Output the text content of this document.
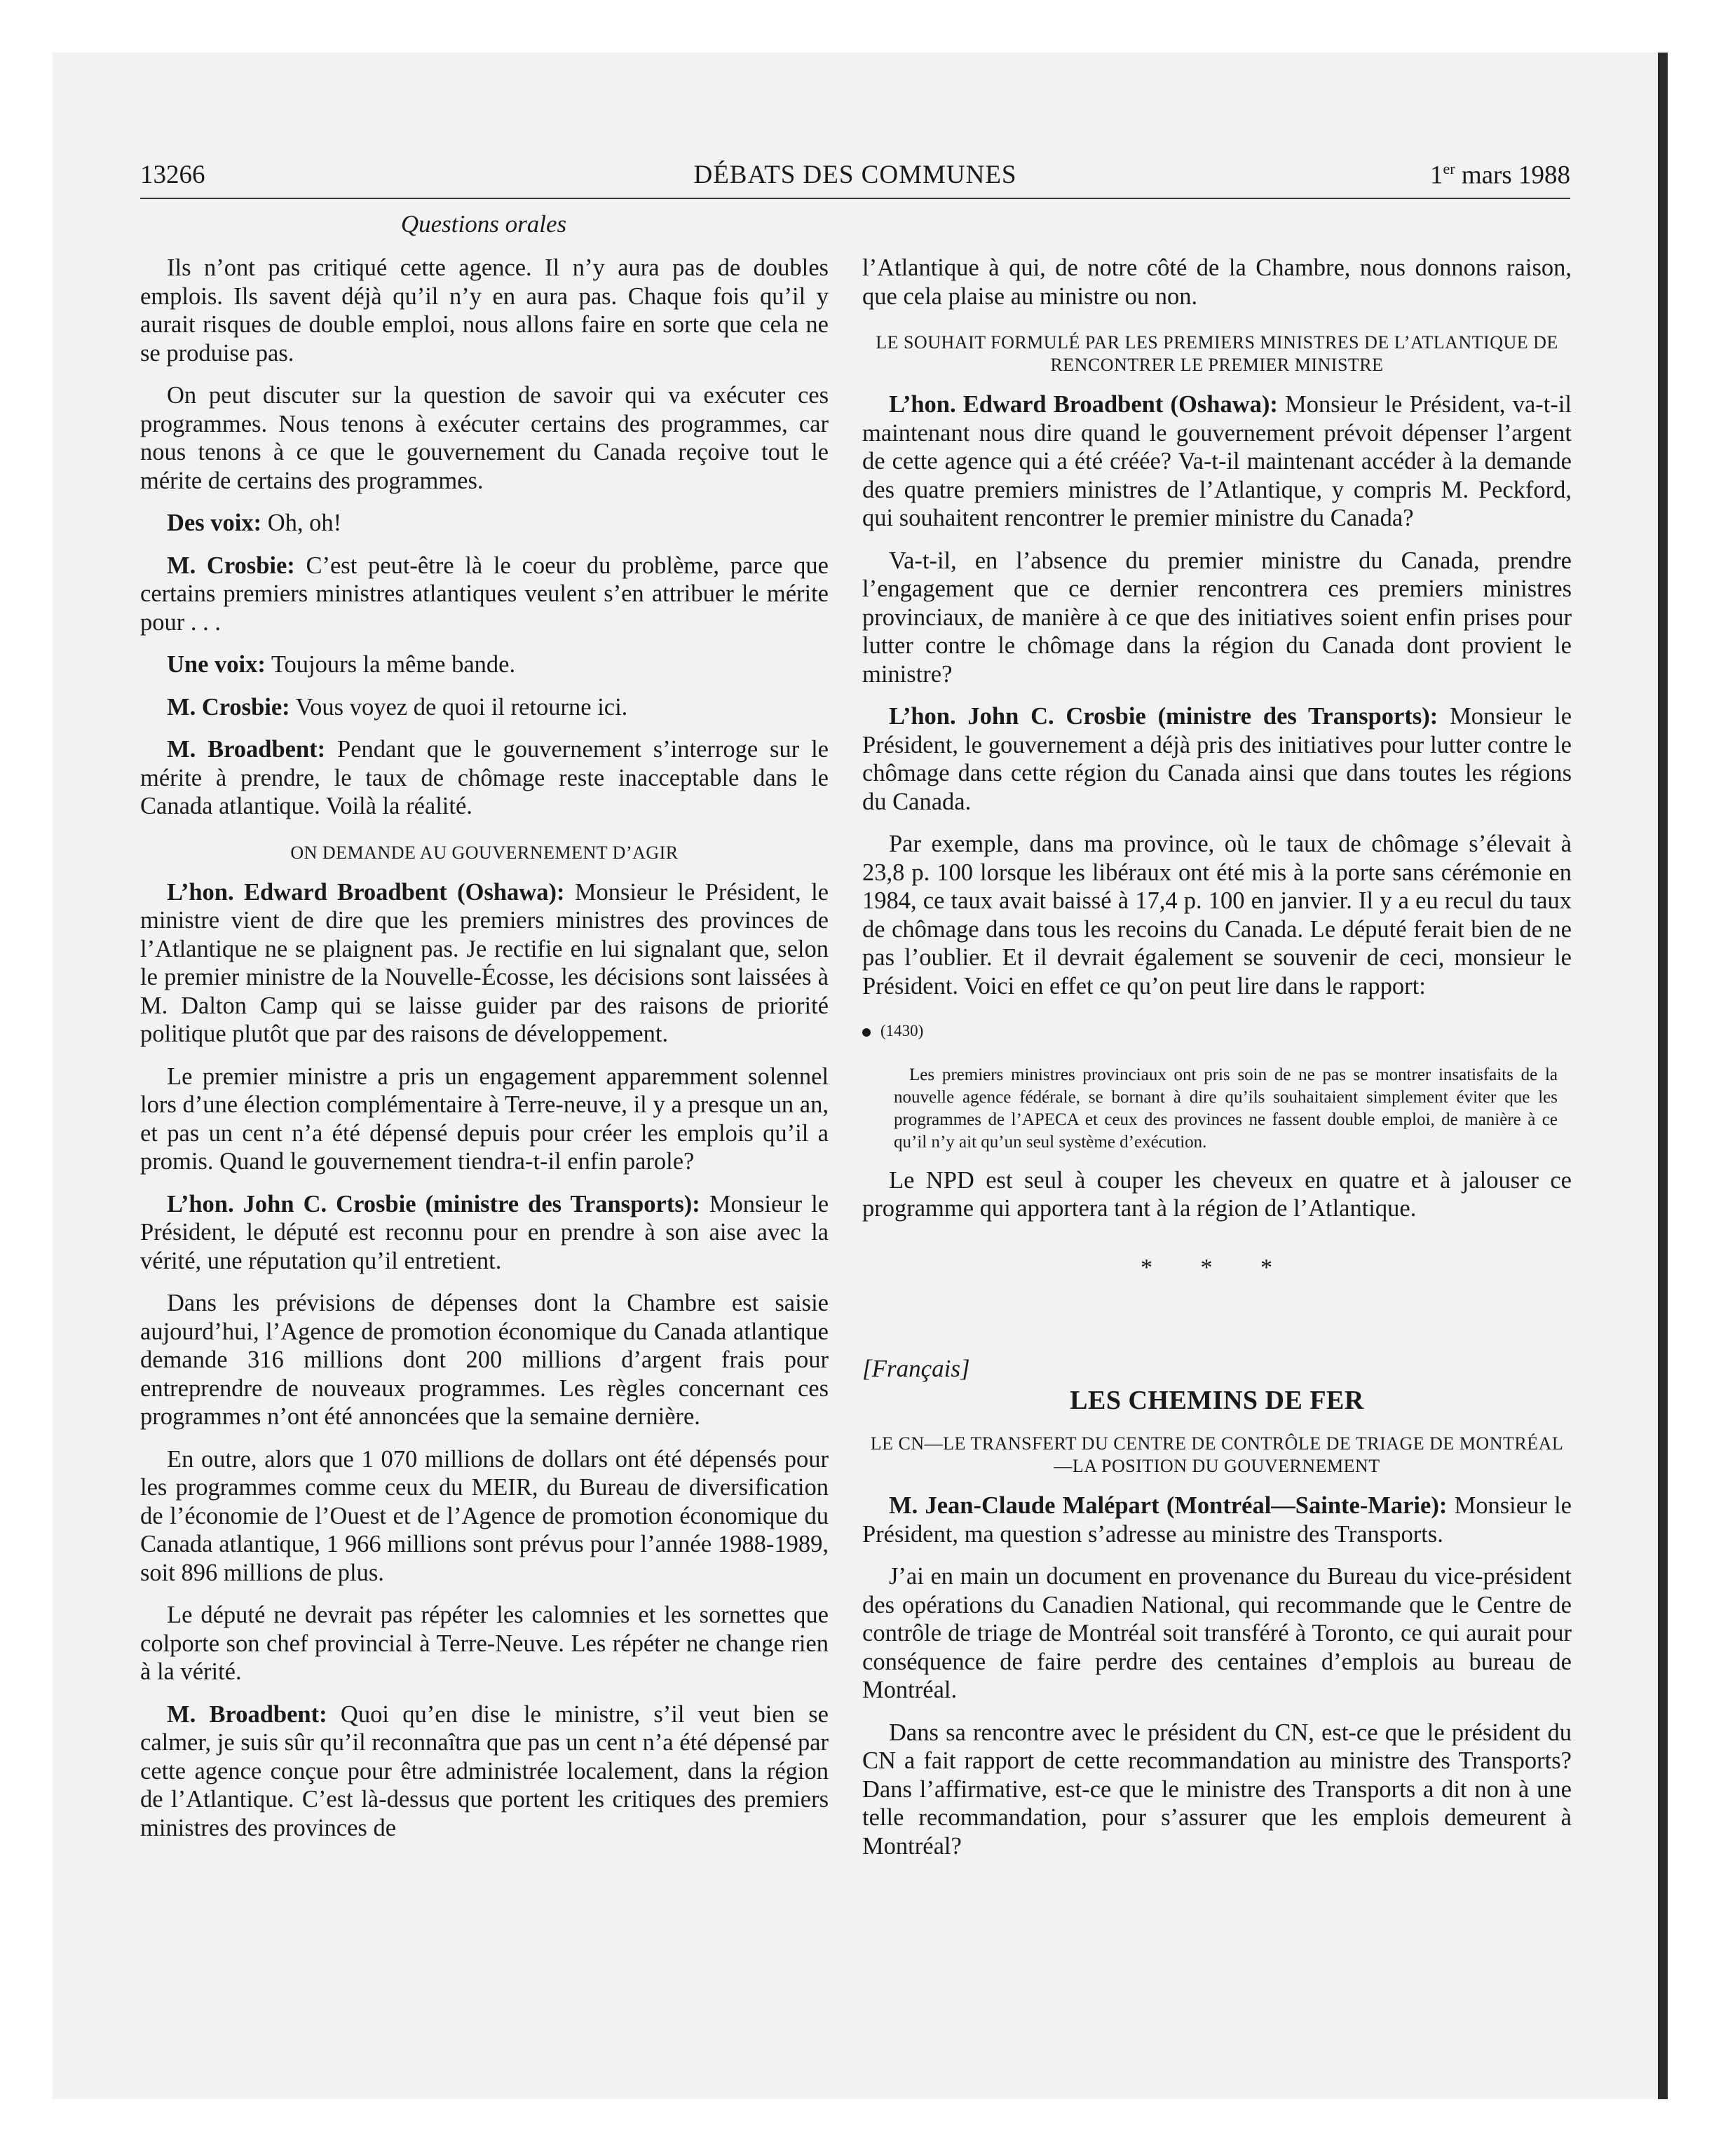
13266	DÉBATS DES COMMUNES	1er mars 1988
Questions orales

Ils n’ont pas critiqué cette agence. Il n’y aura pas de doubles emplois. Ils savent déjà qu’il n’y en aura pas. Chaque fois qu’il y aurait risques de double emploi, nous allons faire en sorte que cela ne se produise pas.

On peut discuter sur la question de savoir qui va exécuter ces programmes. Nous tenons à exécuter certains des programmes, car nous tenons à ce que le gouvernement du Canada reçoive tout le mérite de certains des programmes.

Des voix: Oh, oh!

M. Crosbie: C’est peut-être là le coeur du problème, parce que certains premiers ministres atlantiques veulent s’en attribuer le mérite pour . . .

Une voix: Toujours la même bande.

M. Crosbie: Vous voyez de quoi il retourne ici.

M. Broadbent: Pendant que le gouvernement s’interroge sur le mérite à prendre, le taux de chômage reste inacceptable dans le Canada atlantique. Voilà la réalité.

ON DEMANDE AU GOUVERNEMENT D’AGIR

L’hon. Edward Broadbent (Oshawa): Monsieur le Président, le ministre vient de dire que les premiers ministres des provinces de l’Atlantique ne se plaignent pas. Je rectifie en lui signalant que, selon le premier ministre de la Nouvelle-Écosse, les décisions sont laissées à M. Dalton Camp qui se laisse guider par des raisons de priorité politique plutôt que par des raisons de développement.

Le premier ministre a pris un engagement apparemment solennel lors d’une élection complémentaire à Terre-neuve, il y a presque un an, et pas un cent n’a été dépensé depuis pour créer les emplois qu’il a promis. Quand le gouvernement tiendra-t-il enfin parole?

L’hon. John C. Crosbie (ministre des Transports): Monsieur le Président, le député est reconnu pour en prendre à son aise avec la vérité, une réputation qu’il entretient.

Dans les prévisions de dépenses dont la Chambre est saisie aujourd’hui, l’Agence de promotion économique du Canada atlantique demande 316 millions dont 200 millions d’argent frais pour entreprendre de nouveaux programmes. Les règles concernant ces programmes n’ont été annoncées que la semaine dernière.

En outre, alors que 1 070 millions de dollars ont été dépensés pour les programmes comme ceux du MEIR, du Bureau de diversification de l’économie de l’Ouest et de l’Agence de promotion économique du Canada atlantique, 1 966 millions sont prévus pour l’année 1988-1989, soit 896 millions de plus.

Le député ne devrait pas répéter les calomnies et les sornettes que colporte son chef provincial à Terre-Neuve. Les répéter ne change rien à la vérité.

M. Broadbent: Quoi qu’en dise le ministre, s’il veut bien se calmer, je suis sûr qu’il reconnaîtra que pas un cent n’a été dépensé par cette agence conçue pour être administrée localement, dans la région de l’Atlantique. C’est là-dessus que portent les critiques des premiers ministres des provinces de

l’Atlantique à qui, de notre côté de la Chambre, nous donnons raison, que cela plaise au ministre ou non.

LE SOUHAIT FORMULÉ PAR LES PREMIERS MINISTRES DE L’ATLANTIQUE DE RENCONTRER LE PREMIER MINISTRE

L’hon. Edward Broadbent (Oshawa): Monsieur le Président, va-t-il maintenant nous dire quand le gouvernement prévoit dépenser l’argent de cette agence qui a été créée? Va-t-il maintenant accéder à la demande des quatre premiers ministres de l’Atlantique, y compris M. Peckford, qui souhaitent rencontrer le premier ministre du Canada?

Va-t-il, en l’absence du premier ministre du Canada, prendre l’engagement que ce dernier rencontrera ces premiers ministres provinciaux, de manière à ce que des initiatives soient enfin prises pour lutter contre le chômage dans la région du Canada dont provient le ministre?

L’hon. John C. Crosbie (ministre des Transports): Monsieur le Président, le gouvernement a déjà pris des initiatives pour lutter contre le chômage dans cette région du Canada ainsi que dans toutes les régions du Canada.

Par exemple, dans ma province, où le taux de chômage s’élevait à 23,8 p. 100 lorsque les libéraux ont été mis à la porte sans cérémonie en 1984, ce taux avait baissé à 17,4 p. 100 en janvier. Il y a eu recul du taux de chômage dans tous les recoins du Canada. Le député ferait bien de ne pas l’oublier. Et il devrait également se souvenir de ceci, monsieur le Président. Voici en effet ce qu’on peut lire dans le rapport:

(1430)
Les premiers ministres provinciaux ont pris soin de ne pas se montrer insatisfaits de la nouvelle agence fédérale, se bornant à dire qu’ils souhaitaient simplement éviter que les programmes de l’APECA et ceux des provinces ne fassent double emploi, de manière à ce qu’il n’y ait qu’un seul système d’exécution.

Le NPD est seul à couper les cheveux en quatre et à jalouser ce programme qui apportera tant à la région de l’Atlantique.

* * *
[Français]
LES CHEMINS DE FER
LE CN—LE TRANSFERT DU CENTRE DE CONTRÔLE DE TRIAGE DE MONTRÉAL—LA POSITION DU GOUVERNEMENT

M. Jean-Claude Malépart (Montréal—Sainte-Marie): Monsieur le Président, ma question s’adresse au ministre des Transports.

J’ai en main un document en provenance du Bureau du vice-président des opérations du Canadien National, qui recommande que le Centre de contrôle de triage de Montréal soit transféré à Toronto, ce qui aurait pour conséquence de faire perdre des centaines d’emplois au bureau de Montréal.

Dans sa rencontre avec le président du CN, est-ce que le président du CN a fait rapport de cette recommandation au ministre des Transports? Dans l’affirmative, est-ce que le ministre des Transports a dit non à une telle recommandation, pour s’assurer que les emplois demeurent à Montréal?
